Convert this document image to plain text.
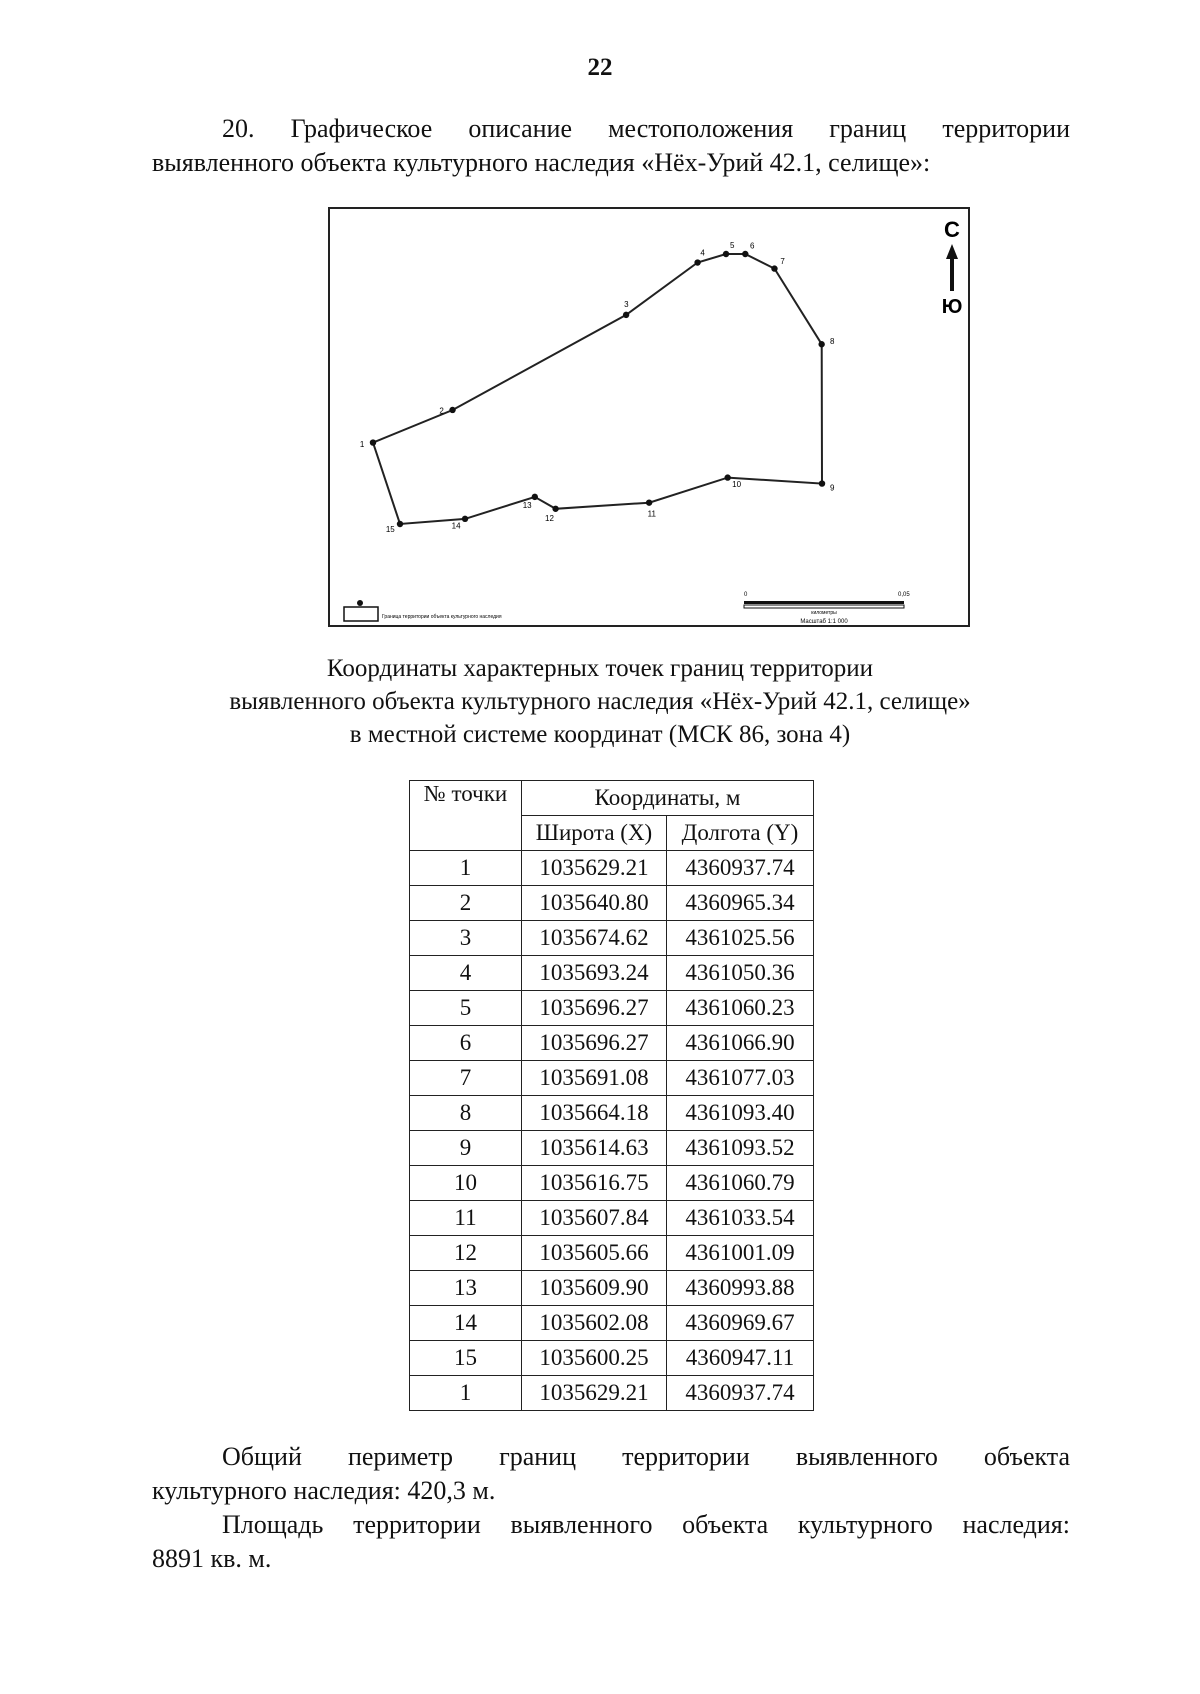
22
20. Графическое описание местоположения границ территории
выявленного объекта культурного наследия «Нёх-Урий 42.1, селище»:
1
2
3
4
5 6
7
8
9
10
11
12
13
14
15
С
Ю
Граница территории объекта культурного наследия
0	0,05
километры
Масштаб 1:1 000
Координаты характерных точек границ территории
выявленного объекта культурного наследия «Нёх-Урий 42.1, селище»
в местной системе координат (МСК 86, зона 4)
№ точки	Координаты, м	
	Широта (X)	Долгота (Y)
1	1035629.21	4360937.74
2	1035640.80	4360965.34
3	1035674.62	4361025.56
4	1035693.24	4361050.36
5	1035696.27	4361060.23
6	1035696.27	4361066.90
7	1035691.08	4361077.03
8	1035664.18	4361093.40
9	1035614.63	4361093.52
10	1035616.75	4361060.79
11	1035607.84	4361033.54
12	1035605.66	4361001.09
13	1035609.90	4360993.88
14	1035602.08	4360969.67
15	1035600.25	4360947.11
1	1035629.21	4360937.74
Общий периметр границ территории выявленного объекта
культурного наследия: 420,3 м.
Площадь территории выявленного объекта культурного наследия:
8891 кв. м.
